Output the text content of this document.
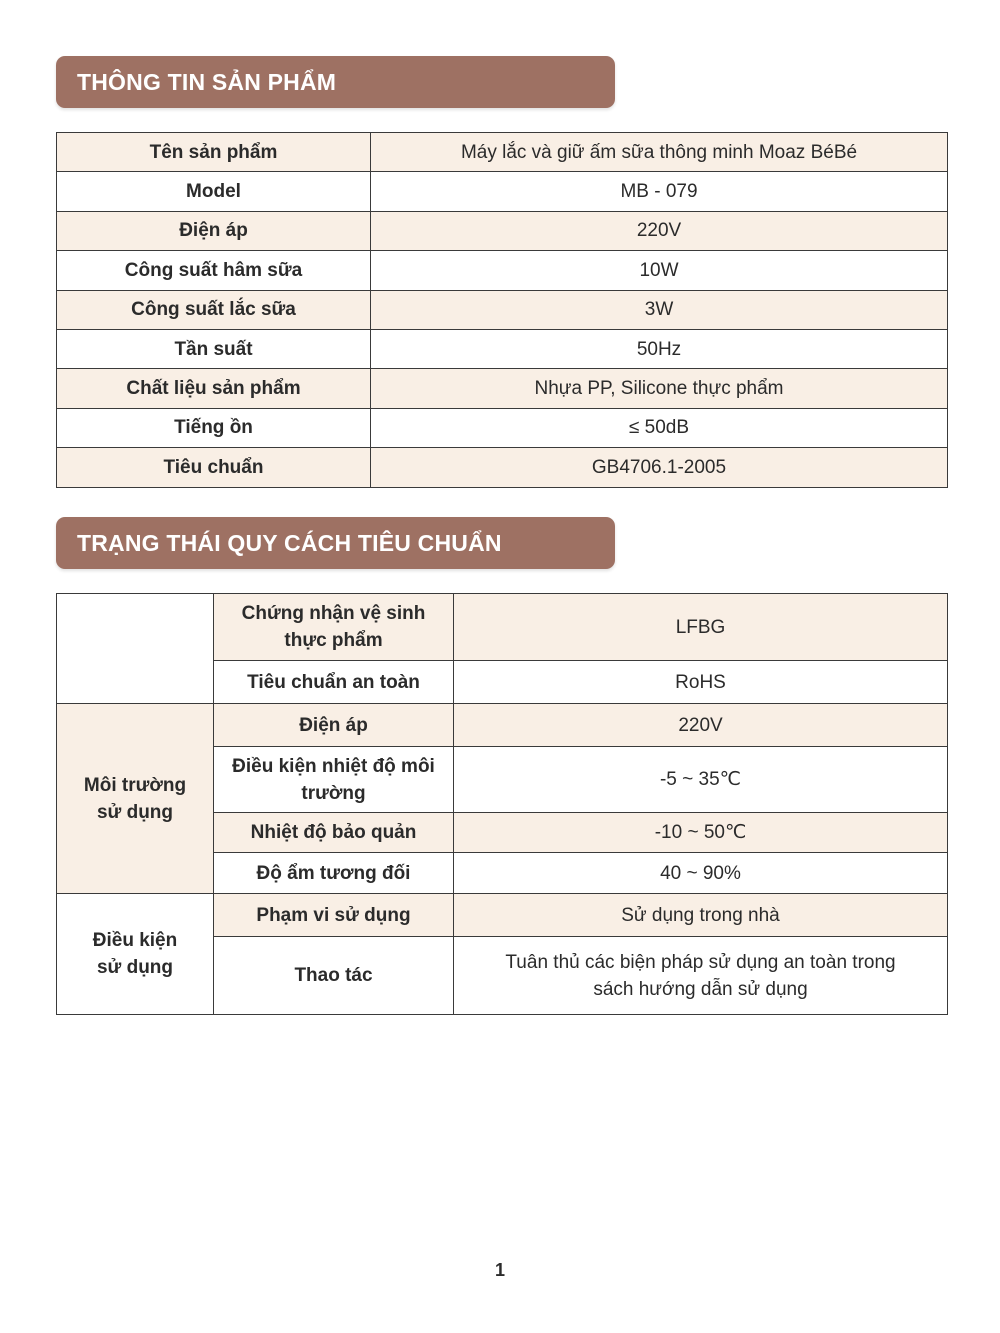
THÔNG TIN SẢN PHẨM
Tên sản phẩm	Máy lắc và giữ ấm sữa thông minh Moaz BéBé
Model	MB - 079
Điện áp	220V
Công suất hâm sữa	10W
Công suất lắc sữa	3W
Tần suất	50Hz
Chất liệu sản phẩm	Nhựa PP, Silicone thực phẩm
Tiếng ồn	≤ 50dB
Tiêu chuẩn	GB4706.1-2005
TRẠNG THÁI QUY CÁCH TIÊU CHUẨN
	Chứng nhận vệ sinh thực phẩm	LFBG
	Tiêu chuẩn an toàn	RoHS
Môi trường sử dụng	Điện áp	220V
	Điều kiện nhiệt độ môi trường	-5 ~ 35℃
	Nhiệt độ bảo quản	-10 ~ 50℃
	Độ ẩm tương đối	40 ~ 90%
Điều kiện sử dụng	Phạm vi sử dụng	Sử dụng trong nhà
	Thao tác	Tuân thủ các biện pháp sử dụng an toàn trong sách hướng dẫn sử dụng
1
